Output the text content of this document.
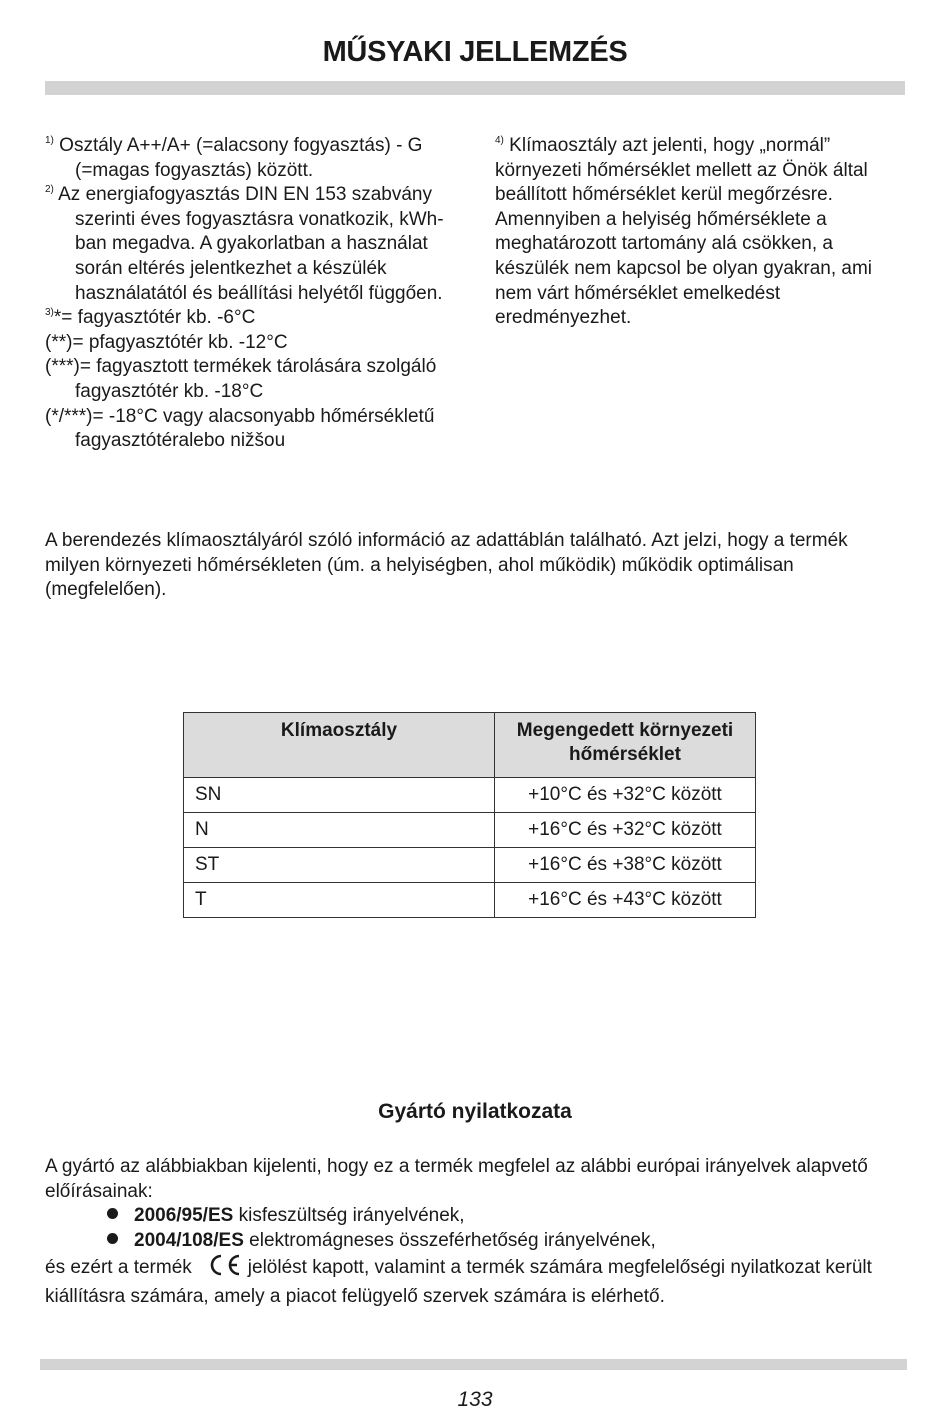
MŰSYAKI JELLEMZÉS

$^{1)}$ Osztály A++/A+ (=alacsony fogyasztás) - G (=magas fogyasztás) között.

$^{2)}$ Az energiafogyasztás DIN EN 153 szabvány szerinti éves fogyasztásra vonatkozik, kWh-ban megadva. A gyakorlatban a használat során eltérés jelentkezhet a készülék használatától és beállítási helyétől függően.

$^{3)}$*= fagyasztótér kb. -6°C

(**)= pfagyasztótér kb. -12°C

(***)= fagyasztott termékek tárolására szolgáló fagyasztótér kb. -18°C

(*/***)= -18°C vagy alacsonyabb hőmérsékletű fagyasztótéralebo nižšou

$^{4)}$ Klímaosztály azt jelenti, hogy „normál” környezeti hőmérséklet mellett az Önök által beállított hőmérséklet kerül megőrzésre. Amennyiben a helyiség hőmérséklete a meghatározott tartomány alá csökken, a készülék nem kapcsol be olyan gyakran, ami nem várt hőmérséklet emelkedést eredményezhet.

A berendezés klímaosztályáról szóló információ az adattáblán található. Azt jelzi, hogy a termék milyen környezeti hőmérsékleten (úm. a helyiségben, ahol működik) működik optimálisan (megfelelően).
Klímaosztály	Megengedett környezeti hőmérséklet
SN	+10°C és +32°C között
N	+16°C és +32°C között
ST	+16°C és +38°C között
T	+16°C és +43°C között
Gyártó nyilatkozata

A gyártó az alábbiakban kijelenti, hogy ez a termék megfelel az alábbi európai irányelvek alapvető előírásainak:

2006/95/ES kisfeszültség irányelvének,

2004/108/ES elektromágneses összeférhetőség irányelvének,

és ezért a termék	jelölést kapott, valamint a termék számára megfelelőségi nyilatkozat került kiállításra számára, amely a piacot felügyelő szervek számára is elérhető.

133
